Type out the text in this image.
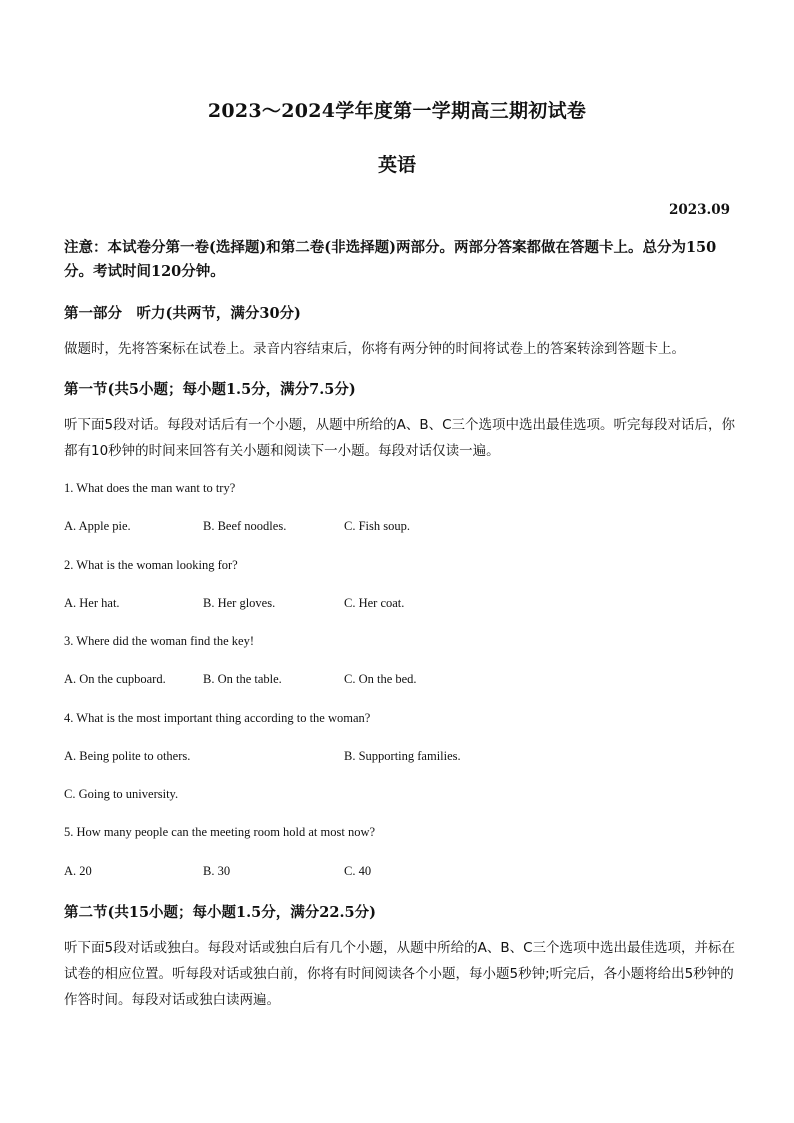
2023～2024学年度第一学期高三期初试卷
英语
2023.09
注意：本试卷分第一卷(选择题)和第二卷(非选择题)两部分。两部分答案都做在答题卡上。总分为150分。考试时间120分钟。
第一部分　听力(共两节，满分30分)
做题时，先将答案标在试卷上。录音内容结束后，你将有两分钟的时间将试卷上的答案转涂到答题卡上。
第一节(共5小题；每小题1.5分，满分7.5分)
听下面5段对话。每段对话后有一个小题，从题中所给的A、B、C三个选项中选出最佳选项。听完每段对话后，你都有10秒钟的时间来回答有关小题和阅读下一小题。每段对话仅读一遍。
1. What does the man want to try?
A. Apple pie.	B. Beef noodles.	C. Fish soup.
2. What is the woman looking for?
A. Her hat.	B. Her gloves.	C. Her coat.
3. Where did the woman find the key!
A. On the cupboard.	B. On the table.	C. On the bed.
4. What is the most important thing according to the woman?
A. Being polite to others.	B. Supporting families.
C. Going to university.
5. How many people can the meeting room hold at most now?
A. 20	B. 30	C. 40
第二节(共15小题；每小题1.5分，满分22.5分)
听下面5段对话或独白。每段对话或独白后有几个小题，从题中所给的A、B、C三个选项中选出最佳选项，并标在试卷的相应位置。听每段对话或独白前，你将有时间阅读各个小题，每小题5秒钟;听完后，各小题将给出5秒钟的作答时间。每段对话或独白读两遍。
